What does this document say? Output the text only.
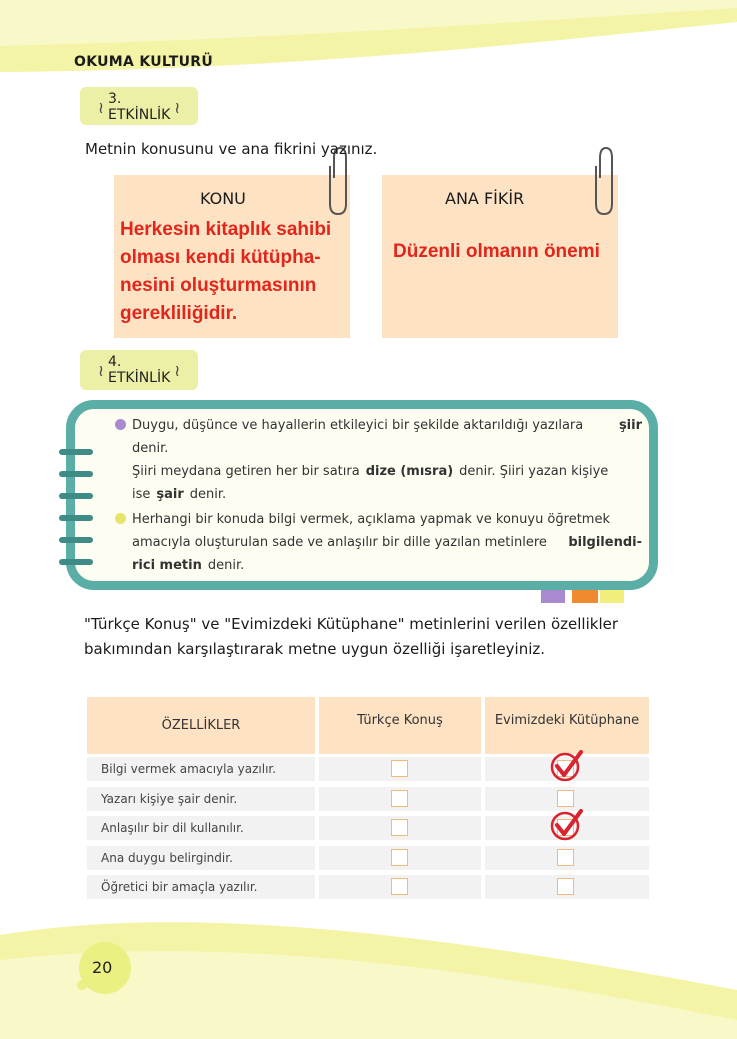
OKUMA KULTURÜ
≀ 3. ETKİNLİK ≀
Metnin konusunu ve ana fikrini yazınız.
KONU
Herkesin kitaplık sahibi
olması kendi kütüpha-
nesini oluşturmasının
gerekliliğidir.
ANA FİKİR
Düzenli olmanın önemi
≀ 4. ETKİNLİK ≀
Duygu, düşünce ve hayallerin etkileyici bir şekilde aktarıldığı yazılara	şiir
denir.
Şiiri meydana getiren her bir satıra dize (mısra) denir. Şiiri yazan kişiye
ise şair denir.
Herhangi bir konuda bilgi vermek, açıklama yapmak ve konuyu öğretmek
amacıyla oluşturulan sade ve anlaşılır bir dille yazılan metinlere bilgilendi-
rici metin denir.
"Türkçe Konuş" ve "Evimizdeki Kütüphane" metinlerini verilen özellikler
bakımından karşılaştırarak metne uygun özelliği işaretleyiniz.
ÖZELLİKLER	Türkçe Konuş	Evimizdeki Kütüphane
Bilgi vermek amacıyla yazılır.
Yazarı kişiye şair denir.
Anlaşılır bir dil kullanılır.
Ana duygu belirgindir.
Öğretici bir amaçla yazılır.
20
